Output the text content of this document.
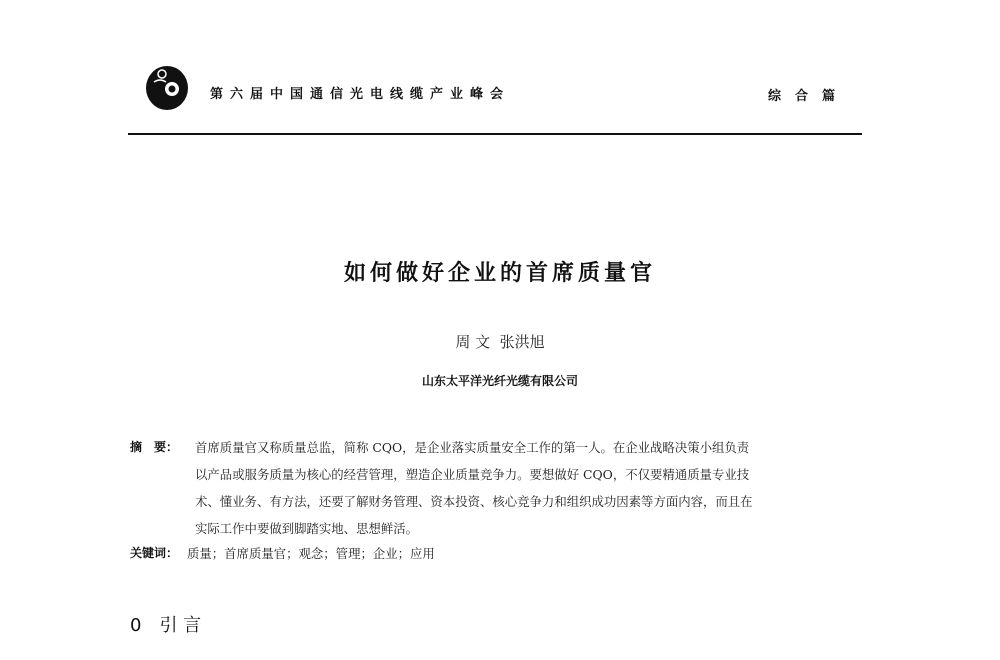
第六届中国通信光电线缆产业峰会	综合篇
如何做好企业的首席质量官
周 文  张洪旭
山东太平洋光纤光缆有限公司
摘　要： 首席质量官又称质量总监，简称 CQO，是企业落实质量安全工作的第一人。在企业战略决策小组负责
以产品或服务质量为核心的经营管理，塑造企业质量竞争力。要想做好 CQO，不仅要精通质量专业技
术、懂业务、有方法，还要了解财务管理、资本投资、核心竞争力和组织成功因素等方面内容，而且在
实际工作中要做到脚踏实地、思想鲜活。
关键词： 质量；首席质量官；观念；管理；企业；应用
0　引 言
